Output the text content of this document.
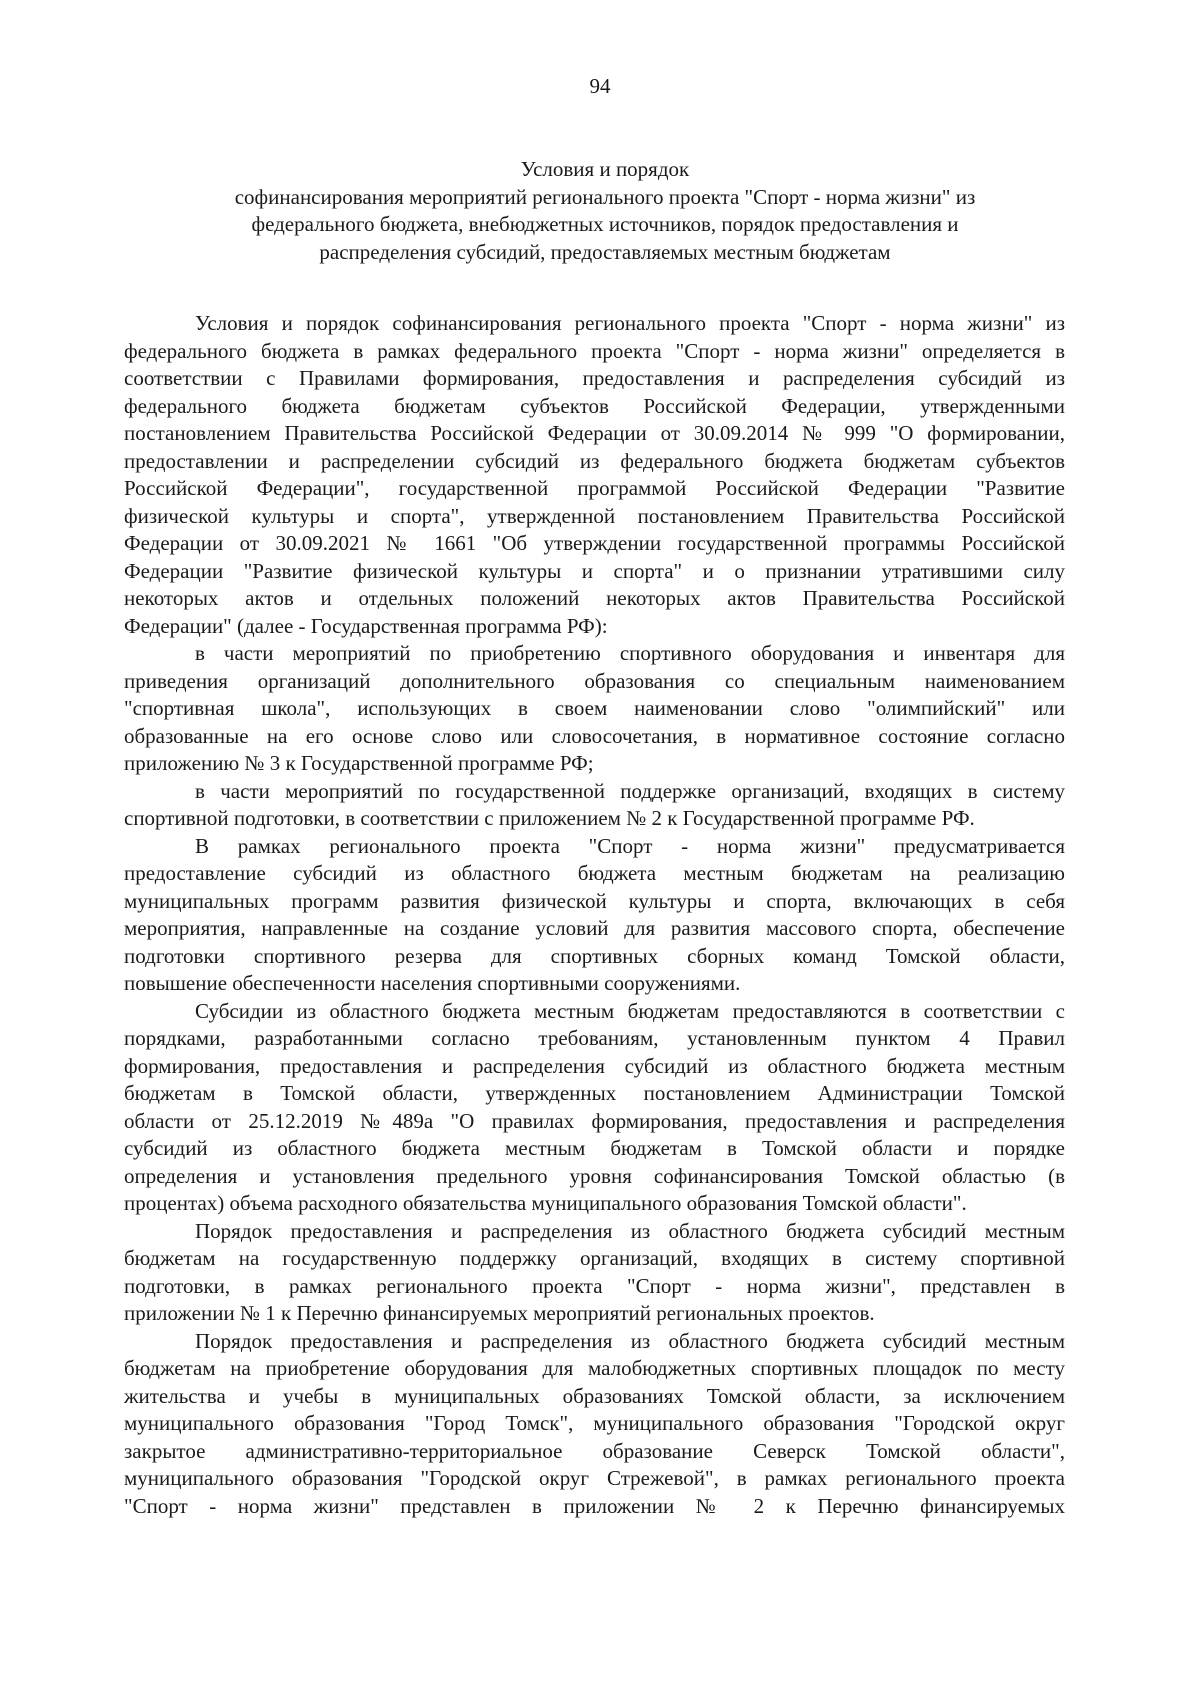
94
Условия и порядок
софинансирования мероприятий регионального проекта "Спорт - норма жизни" из
федерального бюджета, внебюджетных источников, порядок предоставления и
распределения субсидий, предоставляемых местным бюджетам
Условия и порядок софинансирования регионального проекта "Спорт - норма жизни" из
федерального бюджета в рамках федерального проекта "Спорт - норма жизни" определяется в
соответствии с Правилами формирования, предоставления и распределения субсидий из
федерального бюджета бюджетам субъектов Российской Федерации, утвержденными
постановлением Правительства Российской Федерации от 30.09.2014 № 999 "О формировании,
предоставлении и распределении субсидий из федерального бюджета бюджетам субъектов
Российской Федерации", государственной программой Российской Федерации "Развитие
физической культуры и спорта", утвержденной постановлением Правительства Российской
Федерации от 30.09.2021 № 1661 "Об утверждении государственной программы Российской
Федерации "Развитие физической культуры и спорта" и о признании утратившими силу
некоторых актов и отдельных положений некоторых актов Правительства Российской
Федерации" (далее - Государственная программа РФ):
в части мероприятий по приобретению спортивного оборудования и инвентаря для
приведения организаций дополнительного образования со специальным наименованием
"спортивная школа", использующих в своем наименовании слово "олимпийский" или
образованные на его основе слово или словосочетания, в нормативное состояние согласно
приложению № 3 к Государственной программе РФ;
в части мероприятий по государственной поддержке организаций, входящих в систему
спортивной подготовки, в соответствии с приложением № 2 к Государственной программе РФ.
В рамках регионального проекта "Спорт - норма жизни" предусматривается
предоставление субсидий из областного бюджета местным бюджетам на реализацию
муниципальных программ развития физической культуры и спорта, включающих в себя
мероприятия, направленные на создание условий для развития массового спорта, обеспечение
подготовки спортивного резерва для спортивных сборных команд Томской области,
повышение обеспеченности населения спортивными сооружениями.
Субсидии из областного бюджета местным бюджетам предоставляются в соответствии с
порядками, разработанными согласно требованиям, установленным пунктом 4 Правил
формирования, предоставления и распределения субсидий из областного бюджета местным
бюджетам в Томской области, утвержденных постановлением Администрации Томской
области от 25.12.2019 №489а "О правилах формирования, предоставления и распределения
субсидий из областного бюджета местным бюджетам в Томской области и порядке
определения и установления предельного уровня софинансирования Томской областью (в
процентах) объема расходного обязательства муниципального образования Томской области".
Порядок предоставления и распределения из областного бюджета субсидий местным
бюджетам на государственную поддержку организаций, входящих в систему спортивной
подготовки, в рамках регионального проекта "Спорт - норма жизни", представлен в
приложении № 1 к Перечню финансируемых мероприятий региональных проектов.
Порядок предоставления и распределения из областного бюджета субсидий местным
бюджетам на приобретение оборудования для малобюджетных спортивных площадок по месту
жительства и учебы в муниципальных образованиях Томской области, за исключением
муниципального образования "Город Томск", муниципального образования "Городской округ
закрытое административно-территориальное образование Северск Томской области",
муниципального образования "Городской округ Стрежевой", в рамках регионального проекта
"Спорт - норма жизни" представлен в приложении № 2 к Перечню финансируемых
